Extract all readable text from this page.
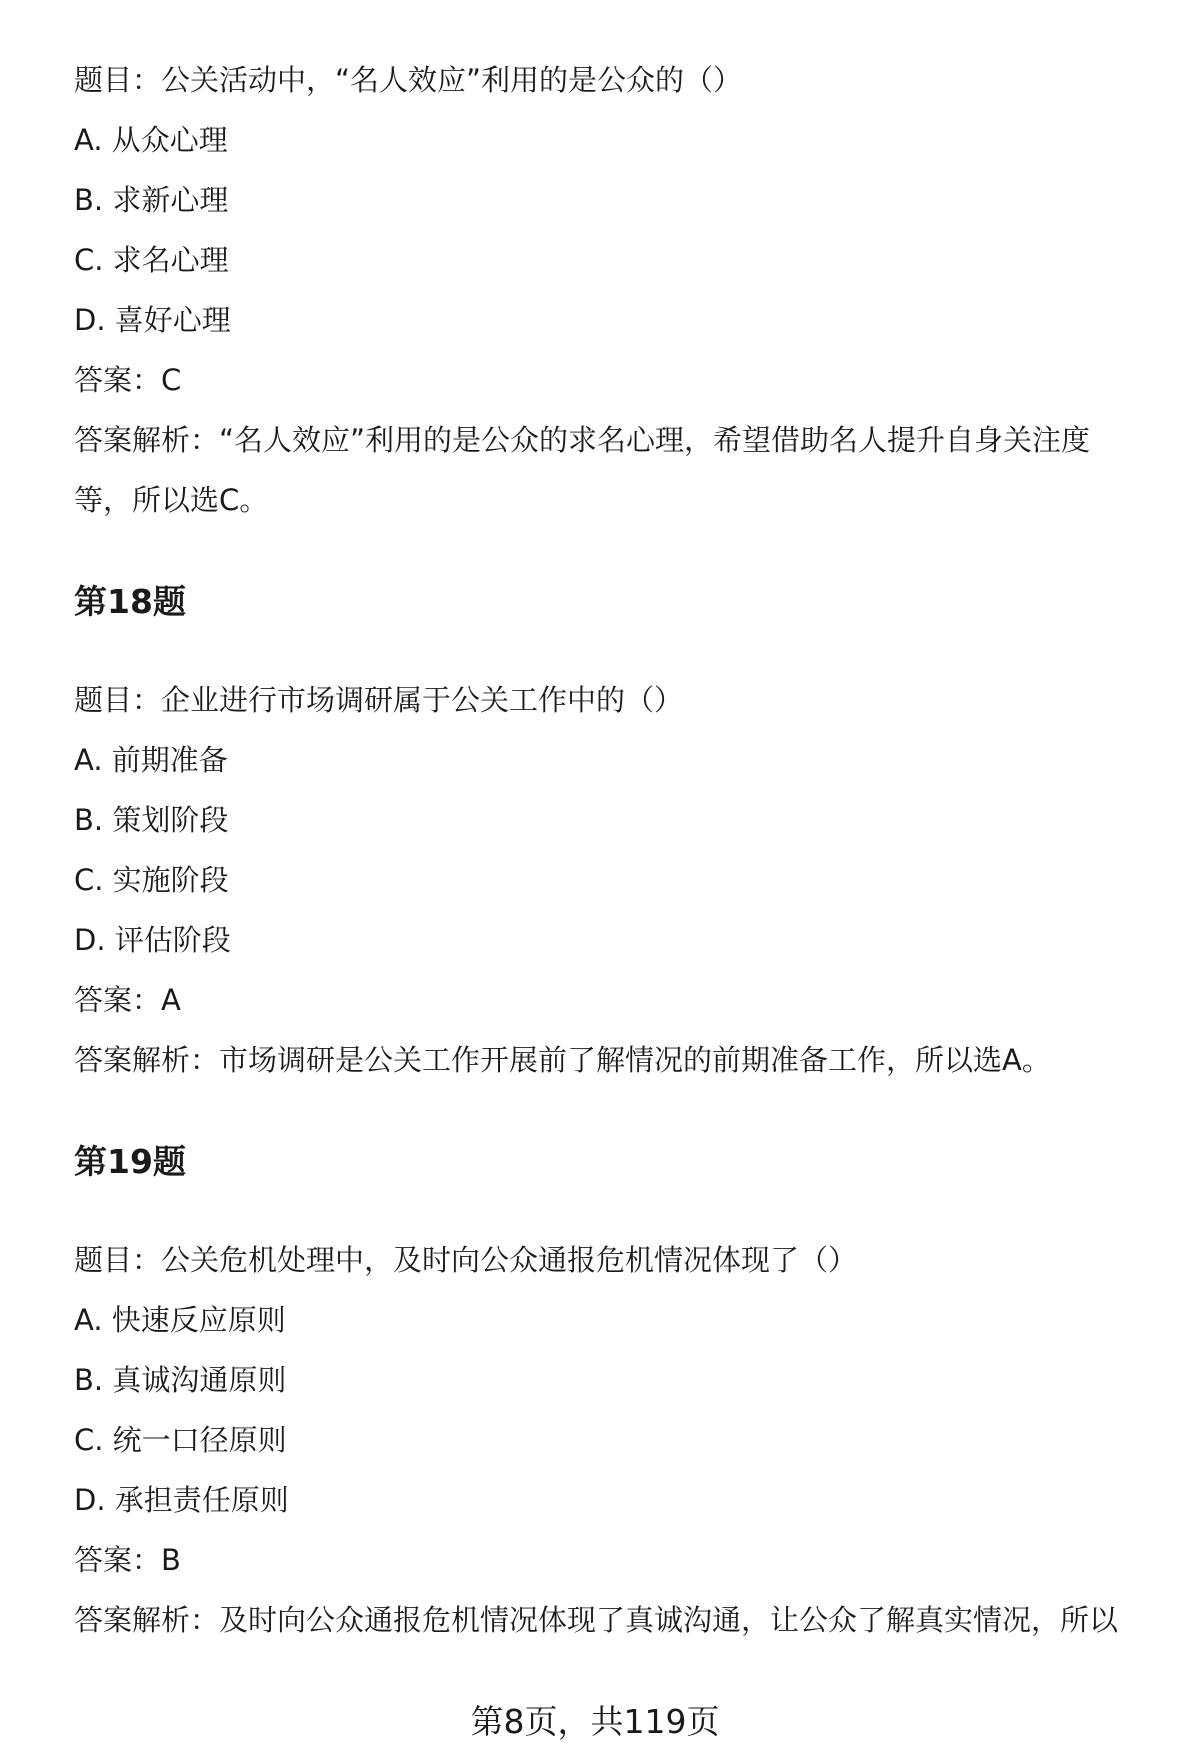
题目：公关活动中，“名人效应”利用的是公众的（）
A. 从众心理
B. 求新心理
C. 求名心理
D. 喜好心理
答案：C
答案解析：“名人效应”利用的是公众的求名心理，希望借助名人提升自身关注度
等，所以选C。
第18题
题目：企业进行市场调研属于公关工作中的（）
A. 前期准备
B. 策划阶段
C. 实施阶段
D. 评估阶段
答案：A
答案解析：市场调研是公关工作开展前了解情况的前期准备工作，所以选A。
第19题
题目：公关危机处理中，及时向公众通报危机情况体现了（）
A. 快速反应原则
B. 真诚沟通原则
C. 统一口径原则
D. 承担责任原则
答案：B
答案解析：及时向公众通报危机情况体现了真诚沟通，让公众了解真实情况，所以
第8页，共119页
